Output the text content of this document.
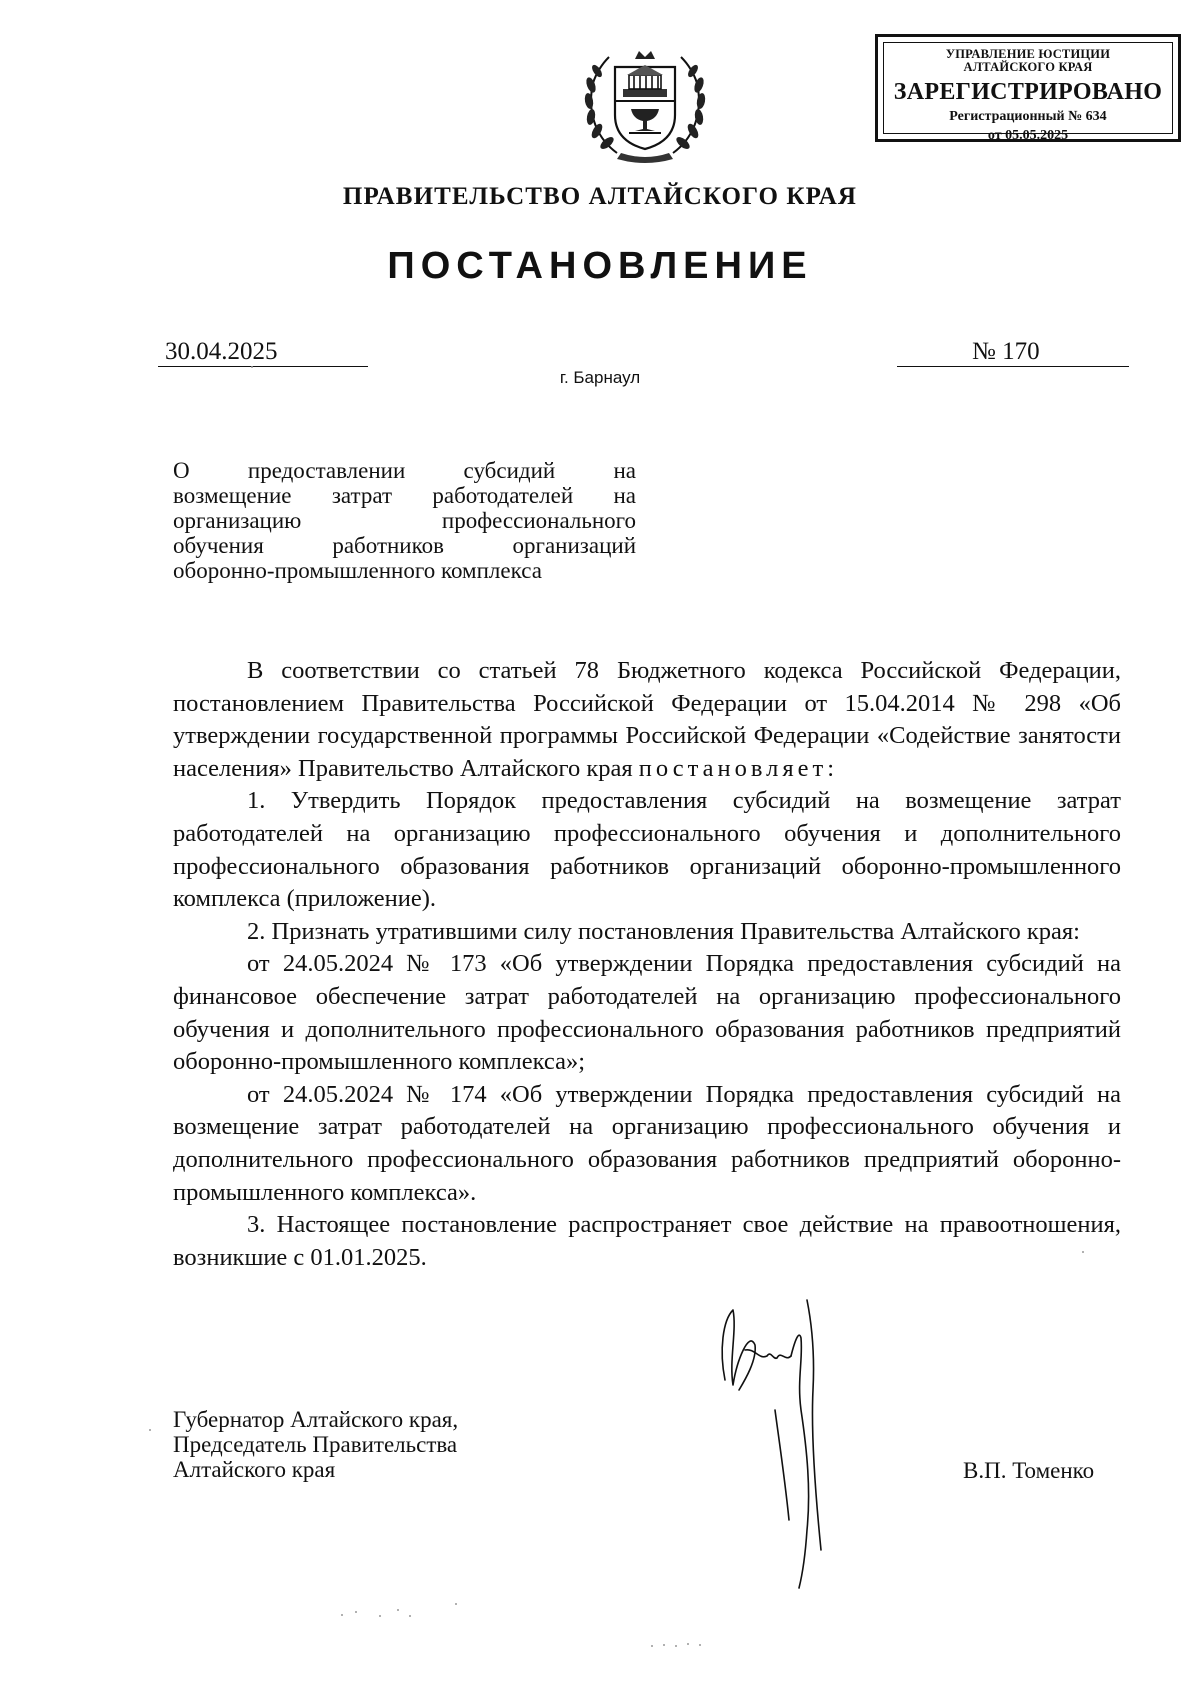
УПРАВЛЕНИЕ ЮСТИЦИИ
АЛТАЙСКОГО КРАЯ
ЗАРЕГИСТРИРОВАНО
Регистрационный № 634
от 05.05.2025
ПРАВИТЕЛЬСТВО АЛТАЙСКОГО КРАЯ
ПОСТАНОВЛЕНИЕ
30.04.2025	№ 170
г. Барнаул
О предоставлении субсидий на
возмещение затрат работодателей на
организацию профессионального
обучения работников организаций
оборонно-промышленного комплекса

В соответствии со статьей 78 Бюджетного кодекса Российской Федерации, постановлением Правительства Российской Федерации от 15.04.2014 № 298 «Об утверждении государственной программы Российской Федерации «Содействие занятости населения» Правительство Алтайского края постановляет:

1. Утвердить Порядок предоставления субсидий на возмещение затрат работодателей на организацию профессионального обучения и дополнительного профессионального образования работников организаций оборонно-промышленного комплекса (приложение).

2. Признать утратившими силу постановления Правительства Алтайского края:

от 24.05.2024 № 173 «Об утверждении Порядка предоставления субсидий на финансовое обеспечение затрат работодателей на организацию профессионального обучения и дополнительного профессионального образования работников предприятий оборонно-промышленного комплекса»;

от 24.05.2024 № 174 «Об утверждении Порядка предоставления субсидий на возмещение затрат работодателей на организацию профессионального обучения и дополнительного профессионального образования работников предприятий оборонно-промышленного комплекса».

3. Настоящее постановление распространяет свое действие на правоотношения, возникшие с 01.01.2025.

Губернатор Алтайского края,
Председатель Правительства
Алтайского края	В.П. Томенко
